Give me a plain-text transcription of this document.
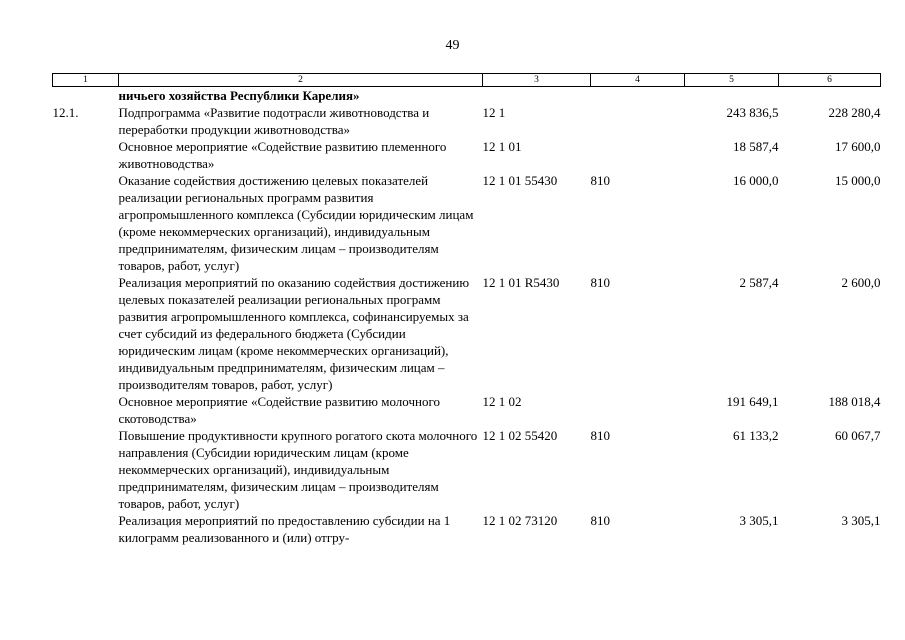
49
1	2	3	4	5	6
	ничьего хозяйства Республики Карелия»				
12.1.	Подпрограмма «Развитие подотрасли животноводства и переработки продукции животноводства»	12 1		243 836,5	228 280,4
	Основное мероприятие «Содействие развитию племенного животноводства»	12 1 01		18 587,4	17 600,0
	Оказание содействия достижению целевых показателей реализации региональных программ развития агропромышленного комплекса (Субсидии юридическим лицам (кроме некоммерческих организаций), индивидуальным предпринимателям, физическим лицам – производителям товаров, работ, услуг)	12 1 01 55430	810	16 000,0	15 000,0
	Реализация мероприятий по оказанию содействия достижению целевых показателей реализации региональных программ развития агропромышленного комплекса, софинансируемых за счет субсидий из федерального бюджета (Субсидии юридическим лицам (кроме некоммерческих организаций), индивидуальным предпринимателям, физическим лицам – производителям товаров, работ, услуг)	12 1 01 R5430	810	2 587,4	2 600,0
	Основное мероприятие «Содействие развитию молочного скотоводства»	12 1 02		191 649,1	188 018,4
	Повышение продуктивности крупного рогатого скота молочного направления (Субсидии юридическим лицам (кроме некоммерческих организаций), индивидуальным предпринимателям, физическим лицам – производителям товаров, работ, услуг)	12 1 02 55420	810	61 133,2	60 067,7
	Реализация мероприятий по предоставлению субсидии на 1 килограмм реализованного и (или) отгру-	12 1 02 73120	810	3 305,1	3 305,1
